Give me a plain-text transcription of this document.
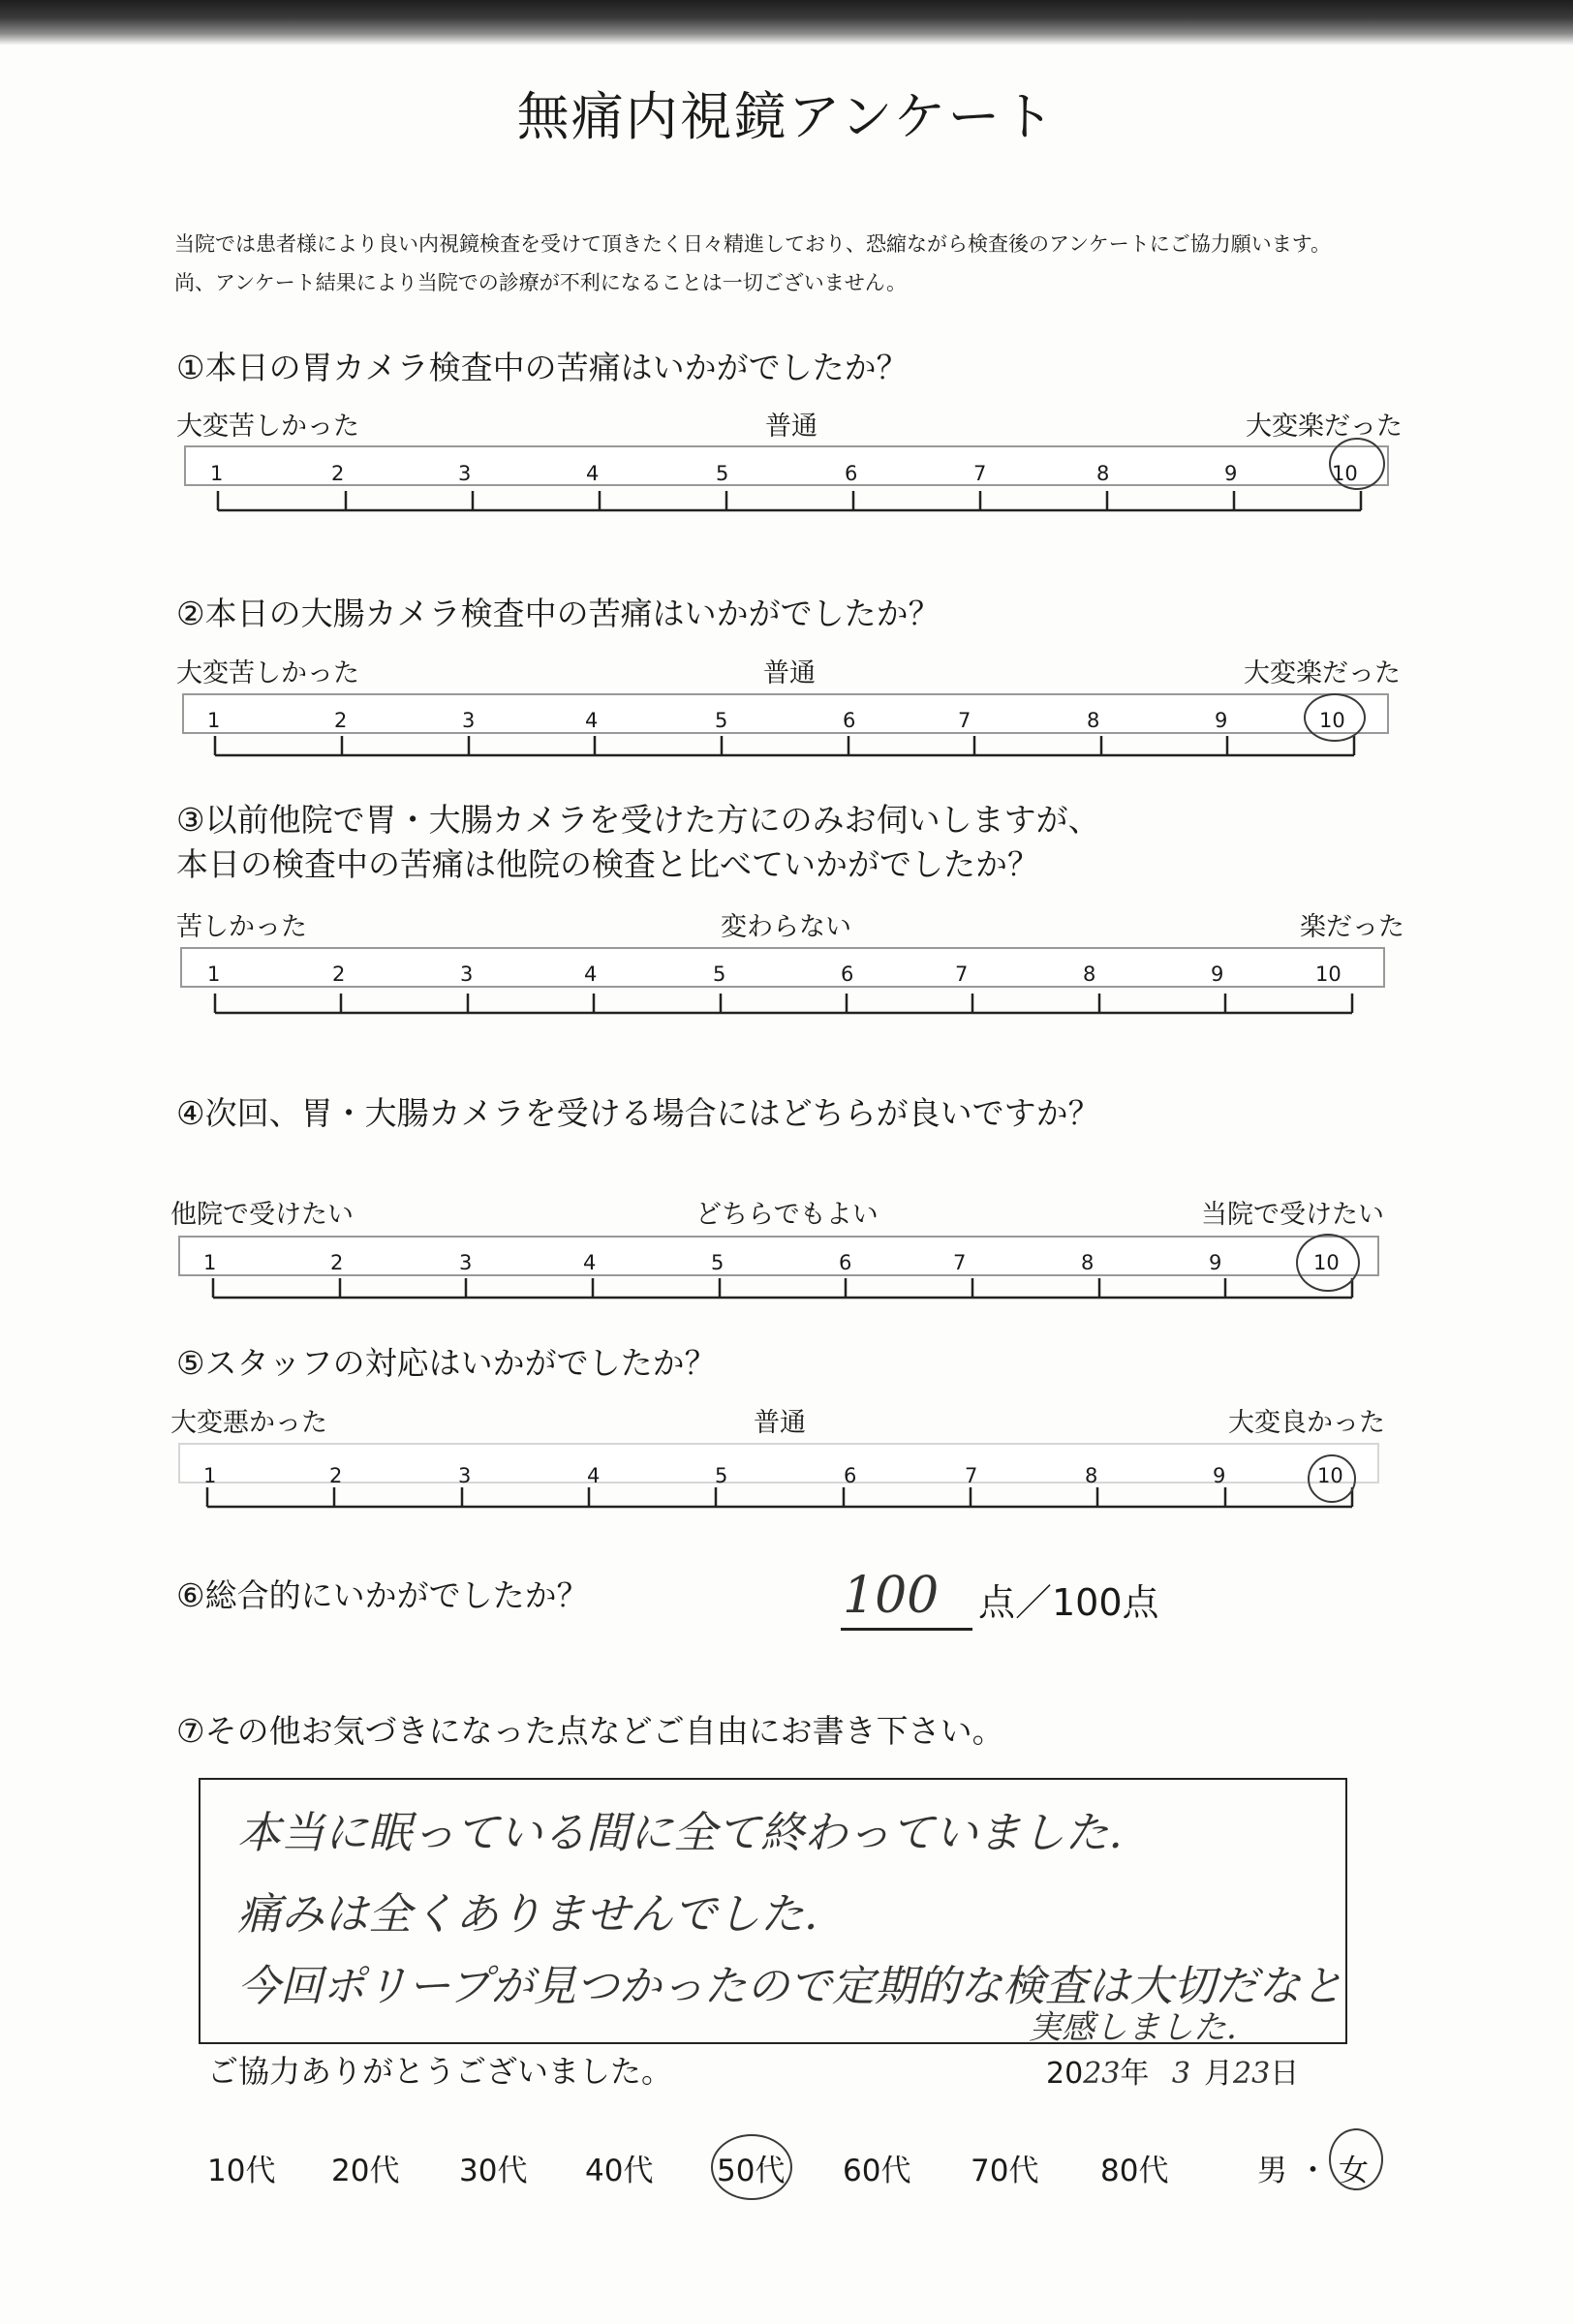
無痛内視鏡アンケート
当院では患者様により良い内視鏡検査を受けて頂きたく日々精進しており、恐縮ながら検査後のアンケートにご協力願います。
尚、アンケート結果により当院での診療が不利になることは一切ございません。
①本日の胃カメラ検査中の苦痛はいかがでしたか？
大変苦しかった	普通	大変楽だった
1	2	3	4	5	6	7	8	9	10
②本日の大腸カメラ検査中の苦痛はいかがでしたか？
大変苦しかった	普通	大変楽だった
1	2	3	4	5	6	7	8	9	10
③以前他院で胃・大腸カメラを受けた方にのみお伺いしますが、
本日の検査中の苦痛は他院の検査と比べていかがでしたか？
苦しかった	変わらない	楽だった
1	2	3	4	5	6	7	8	9	10
④次回、胃・大腸カメラを受ける場合にはどちらが良いですか？
他院で受けたい	どちらでもよい	当院で受けたい
1	2	3	4	5	6	7	8	9	10
⑤スタッフの対応はいかがでしたか？
大変悪かった	普通	大変良かった
1	2	3	4	5	6	7	8	9	10
⑥総合的にいかがでしたか？	100 点／100点
⑦その他お気づきになった点などご自由にお書き下さい。
本当に眠っている間に全て終わっていました.
痛みは全くありませんでした.
今回ポリープが見つかったので定期的な検査は大切だなと
実感しました.
ご協力ありがとうございました。	2023年 3 月23日
10代 20代 30代 40代 50代 60代 70代 80代	男 ・ 女
